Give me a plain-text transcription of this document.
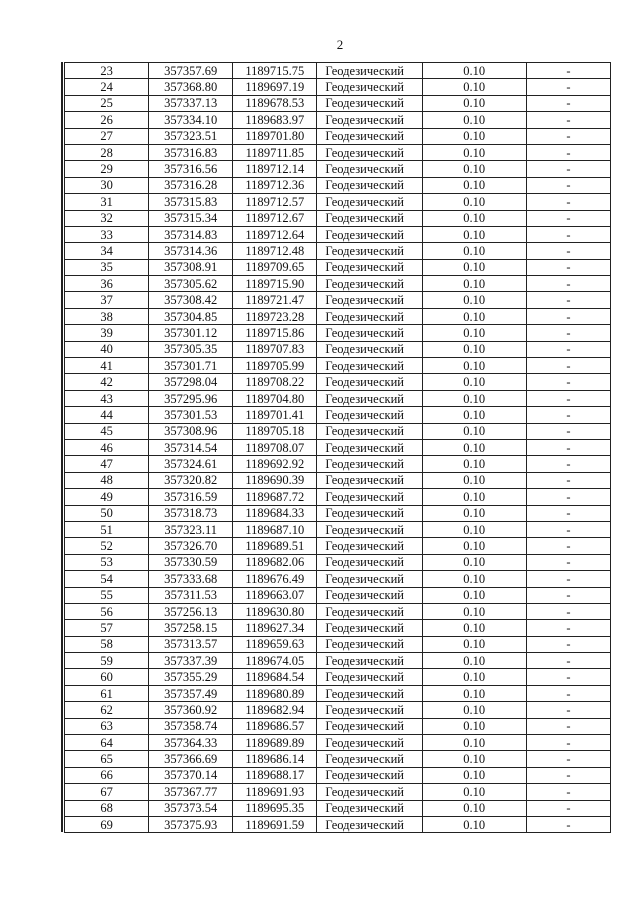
2
23	357357.69	1189715.75	Геодезический	0.10	-
24	357368.80	1189697.19	Геодезический	0.10	-
25	357337.13	1189678.53	Геодезический	0.10	-
26	357334.10	1189683.97	Геодезический	0.10	-
27	357323.51	1189701.80	Геодезический	0.10	-
28	357316.83	1189711.85	Геодезический	0.10	-
29	357316.56	1189712.14	Геодезический	0.10	-
30	357316.28	1189712.36	Геодезический	0.10	-
31	357315.83	1189712.57	Геодезический	0.10	-
32	357315.34	1189712.67	Геодезический	0.10	-
33	357314.83	1189712.64	Геодезический	0.10	-
34	357314.36	1189712.48	Геодезический	0.10	-
35	357308.91	1189709.65	Геодезический	0.10	-
36	357305.62	1189715.90	Геодезический	0.10	-
37	357308.42	1189721.47	Геодезический	0.10	-
38	357304.85	1189723.28	Геодезический	0.10	-
39	357301.12	1189715.86	Геодезический	0.10	-
40	357305.35	1189707.83	Геодезический	0.10	-
41	357301.71	1189705.99	Геодезический	0.10	-
42	357298.04	1189708.22	Геодезический	0.10	-
43	357295.96	1189704.80	Геодезический	0.10	-
44	357301.53	1189701.41	Геодезический	0.10	-
45	357308.96	1189705.18	Геодезический	0.10	-
46	357314.54	1189708.07	Геодезический	0.10	-
47	357324.61	1189692.92	Геодезический	0.10	-
48	357320.82	1189690.39	Геодезический	0.10	-
49	357316.59	1189687.72	Геодезический	0.10	-
50	357318.73	1189684.33	Геодезический	0.10	-
51	357323.11	1189687.10	Геодезический	0.10	-
52	357326.70	1189689.51	Геодезический	0.10	-
53	357330.59	1189682.06	Геодезический	0.10	-
54	357333.68	1189676.49	Геодезический	0.10	-
55	357311.53	1189663.07	Геодезический	0.10	-
56	357256.13	1189630.80	Геодезический	0.10	-
57	357258.15	1189627.34	Геодезический	0.10	-
58	357313.57	1189659.63	Геодезический	0.10	-
59	357337.39	1189674.05	Геодезический	0.10	-
60	357355.29	1189684.54	Геодезический	0.10	-
61	357357.49	1189680.89	Геодезический	0.10	-
62	357360.92	1189682.94	Геодезический	0.10	-
63	357358.74	1189686.57	Геодезический	0.10	-
64	357364.33	1189689.89	Геодезический	0.10	-
65	357366.69	1189686.14	Геодезический	0.10	-
66	357370.14	1189688.17	Геодезический	0.10	-
67	357367.77	1189691.93	Геодезический	0.10	-
68	357373.54	1189695.35	Геодезический	0.10	-
69	357375.93	1189691.59	Геодезический	0.10	-
